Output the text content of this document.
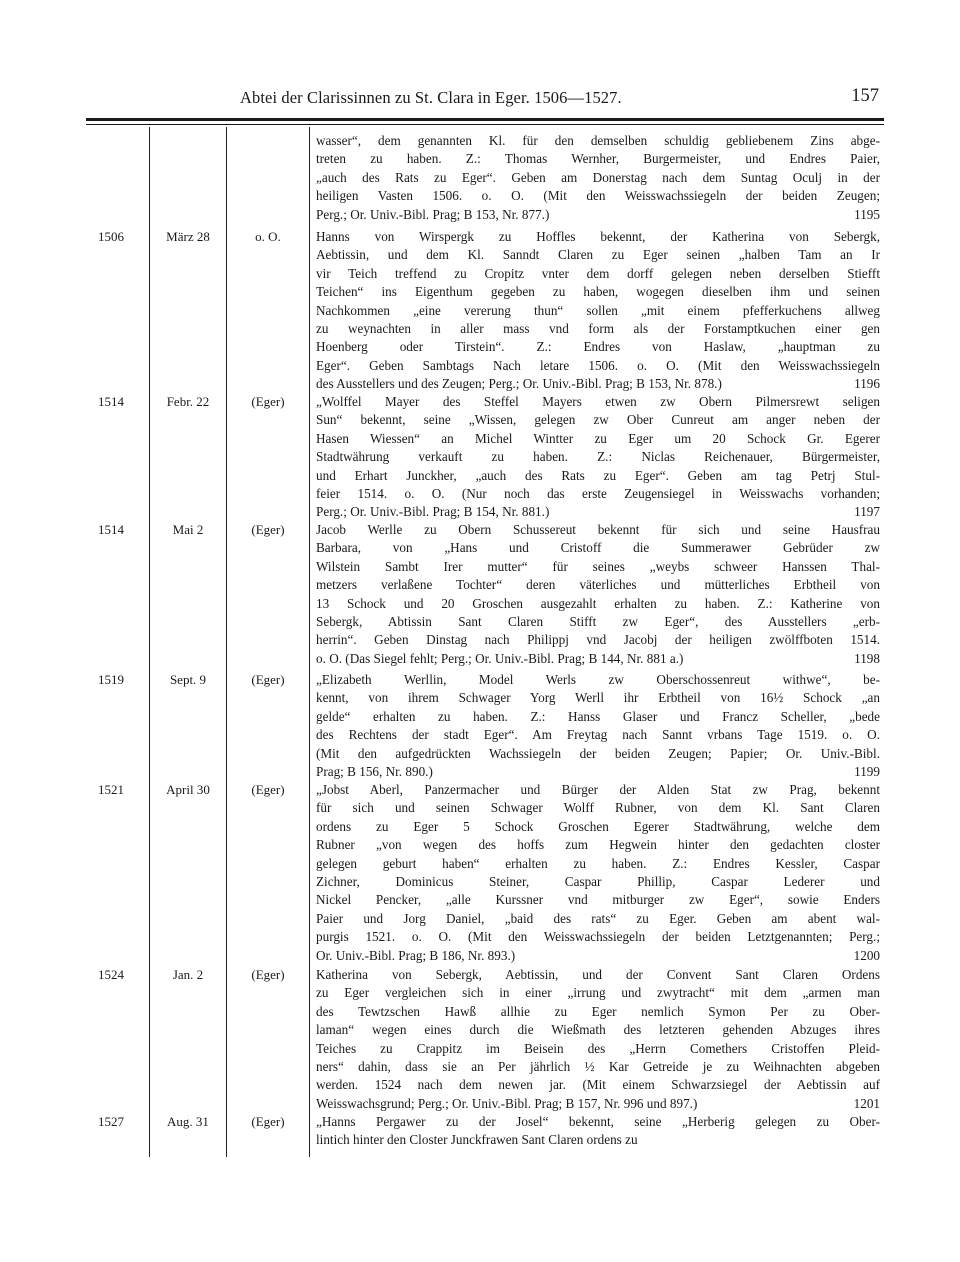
Abtei der Clarissinnen zu St. Clara in Eger. 1506—1527.	157
wasser“, dem genannten Kl. für den demselben schuldig gebliebenem Zins abge-
treten zu haben. Z.: Thomas Wernher, Burgermeister, und Endres Paier,
„auch des Rats zu Eger“. Geben am Donerstag nach dem Suntag Oculj in der
heiligen Vasten 1506. o. O. (Mit den Weisswachssiegeln der beiden Zeugen;
Perg.; Or. Univ.-Bibl. Prag; B 153, Nr. 877.)	1195
1506	März 28	o. O.	Hanns von Wirspergk zu Hoffles bekennt, der Katherina von Sebergk,
Aebtissin, und dem Kl. Sanndt Claren zu Eger seinen „halben Tam an Ir
vir Teich treffend zu Cropitz vnter dem dorff gelegen neben derselben Stiefft
Teichen“ ins Eigenthum gegeben zu haben, wogegen dieselben ihm und seinen
Nachkommen „eine vererung thun“ sollen „mit einem pfefferkuchens allweg
zu weynachten in aller mass vnd form als der Forstamptkuchen einer gen
Hoenberg oder Tirstein“. Z.: Endres von Haslaw, „hauptman zu
Eger“. Geben Sambtags Nach letare 1506. o. O. (Mit den Weisswachssiegeln
des Ausstellers und des Zeugen; Perg.; Or. Univ.-Bibl. Prag; B 153, Nr. 878.)	1196
1514	Febr. 22	(Eger)	„Wolffel Mayer des Steffel Mayers etwen zw Obern Pilmersrewt seligen
Sun“ bekennt, seine „Wissen, gelegen zw Ober Cunreut am anger neben der
Hasen Wiessen“ an Michel Wintter zu Eger um 20 Schock Gr. Egerer
Stadtwährung verkauft zu haben. Z.: Niclas Reichenauer, Bürgermeister,
und Erhart Junckher, „auch des Rats zu Eger“. Geben am tag Petrj Stul-
feier 1514. o. O. (Nur noch das erste Zeugensiegel in Weisswachs vorhanden;
Perg.; Or. Univ.-Bibl. Prag; B 154, Nr. 881.)	1197
1514	Mai 2	(Eger)	Jacob Werlle zu Obern Schussereut bekennt für sich und seine Hausfrau
Barbara, von „Hans und Cristoff die Summerawer Gebrüder zw
Wilstein Sambt Irer mutter“ für seines „weybs schweer Hanssen Thal-
metzers verlaßene Tochter“ deren väterliches und mütterliches Erbtheil von
13 Schock und 20 Groschen ausgezahlt erhalten zu haben. Z.: Katherine von
Sebergk, Abtissin Sant Claren Stifft zw Eger“, des Ausstellers „erb-
herrin“. Geben Dinstag nach Philippj vnd Jacobj der heiligen zwölffboten 1514.
o. O. (Das Siegel fehlt; Perg.; Or. Univ.-Bibl. Prag; B 144, Nr. 881 a.)	1198
1519	Sept. 9	(Eger)	„Elizabeth Werllin, Model Werls zw Oberschossenreut withwe“, be-
kennt, von ihrem Schwager Yorg Werll ihr Erbtheil von 16½ Schock „an
gelde“ erhalten zu haben. Z.: Hanss Glaser und Francz Scheller, „bede
des Rechtens der stadt Eger“. Am Freytag nach Sannt vrbans Tage 1519. o. O.
(Mit den aufgedrückten Wachssiegeln der beiden Zeugen; Papier; Or. Univ.-Bibl.
Prag; B 156, Nr. 890.)	1199
1521	April 30	(Eger)	„Jobst Aberl, Panzermacher und Bürger der Alden Stat zw Prag, bekennt
für sich und seinen Schwager Wolff Rubner, von dem Kl. Sant Claren
ordens zu Eger 5 Schock Groschen Egerer Stadtwährung, welche dem
Rubner „von wegen des hoffs zum Hegwein hinter den gedachten closter
gelegen geburt haben“ erhalten zu haben. Z.: Endres Kessler, Caspar
Zichner, Dominicus Steiner, Caspar Phillip, Caspar Lederer und
Nickel Pencker, „alle Kurssner vnd mitburger zw Eger“, sowie Enders
Paier und Jorg Daniel, „baid des rats“ zu Eger. Geben am abent wal-
purgis 1521. o. O. (Mit den Weisswachssiegeln der beiden Letztgenannten; Perg.;
Or. Univ.-Bibl. Prag; B 186, Nr. 893.)	1200
1524	Jan. 2	(Eger)	Katherina von Sebergk, Aebtissin, und der Convent Sant Claren Ordens
zu Eger vergleichen sich in einer „irrung und zwytracht“ mit dem „armen man
des Tewtzschen Hawß allhie zu Eger nemlich Symon Per zu Ober-
laman“ wegen eines durch die Wießmath des letzteren gehenden Abzuges ihres
Teiches zu Crappitz im Beisein des „Herrn Comethers Cristoffen Pleid-
ners“ dahin, dass sie an Per jährlich ½ Kar Getreide je zu Weihnachten abgeben
werden. 1524 nach dem newen jar. (Mit einem Schwarzsiegel der Aebtissin auf
Weisswachsgrund; Perg.; Or. Univ.-Bibl. Prag; B 157, Nr. 996 und 897.)	1201
1527	Aug. 31	(Eger)	„Hanns Pergawer zu der Josel“ bekennt, seine „Herberig gelegen zu Ober-
lintich hinter den Closter Junckfrawen Sant Claren ordens zu
